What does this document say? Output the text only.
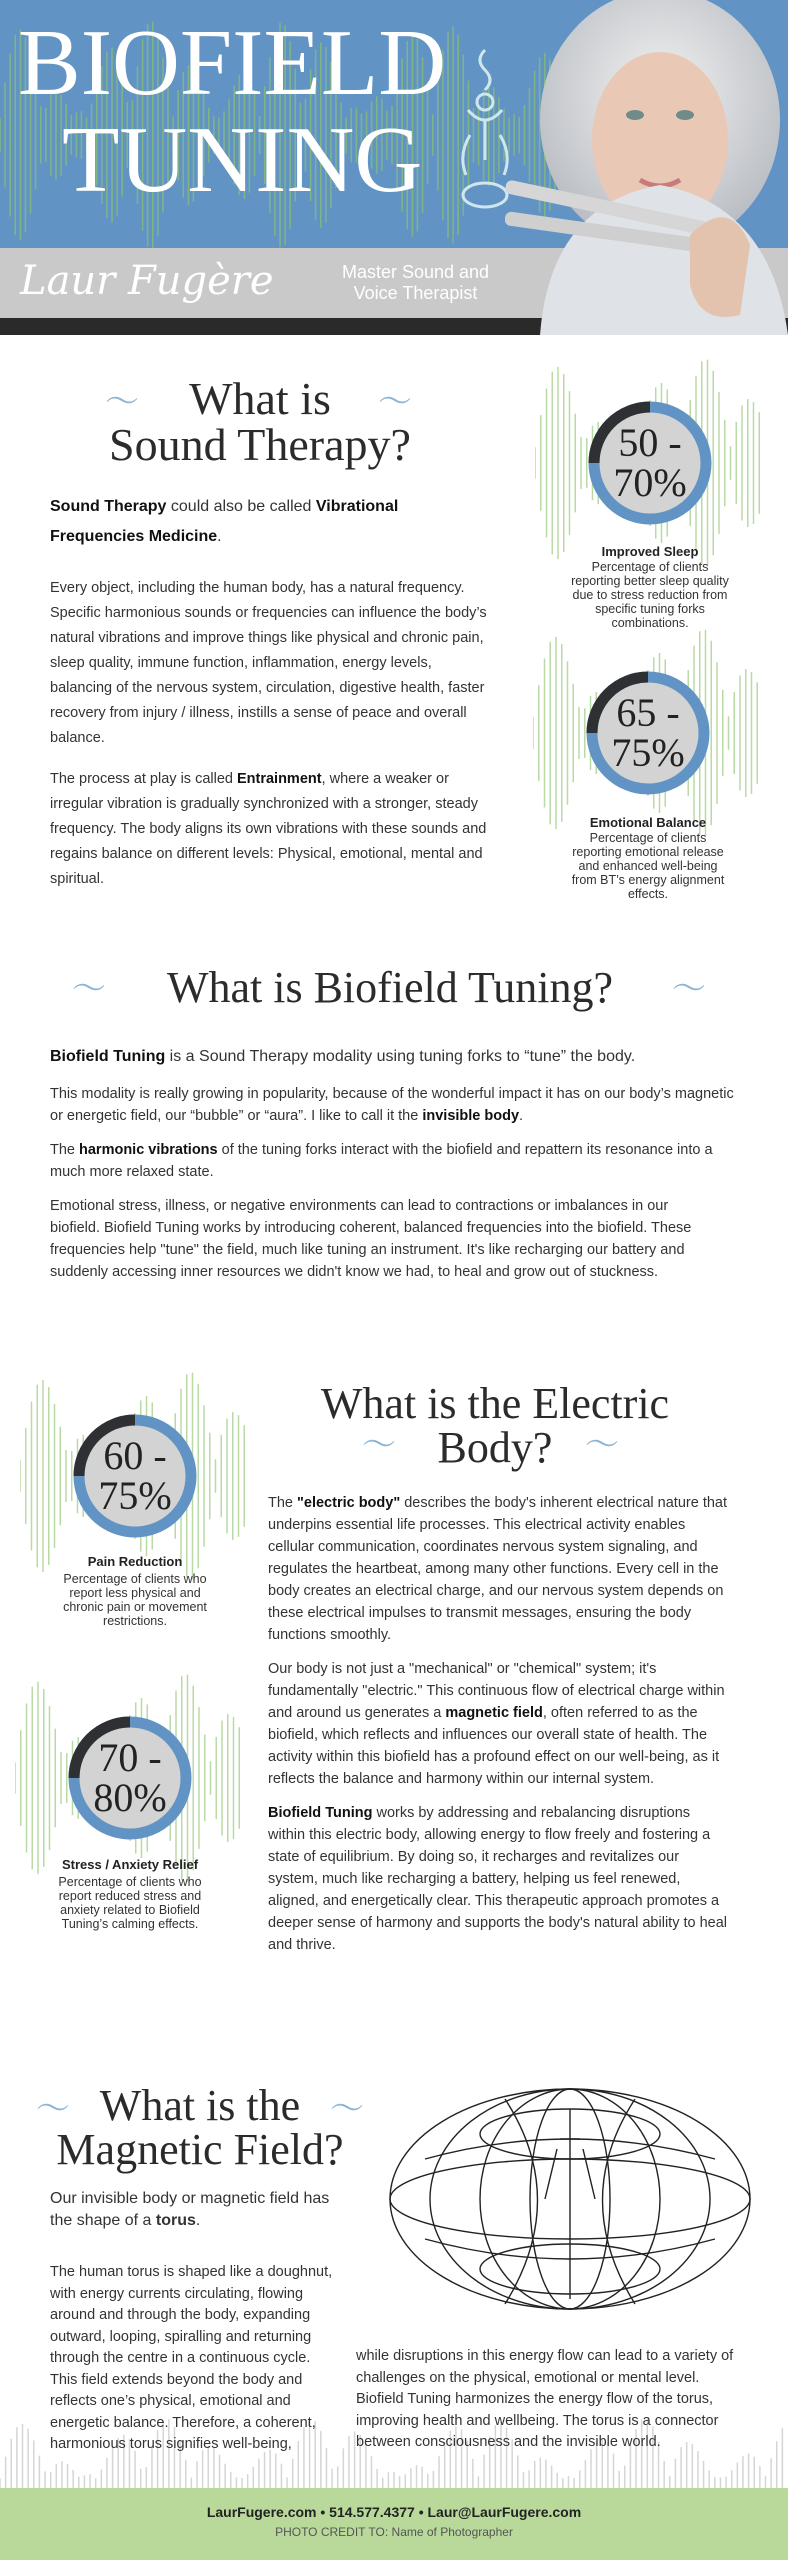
BIOFIELD
TUNING
Laur Fugère	Master Sound and
Voice Therapist
〜	〜
What is
Sound Therapy?

Sound Therapy could also be called Vibrational Frequencies Medicine.

Every object, including the human body, has a natural frequency. Specific harmonious sounds or frequencies can influence the body’s natural vibrations and improve things like physical and chronic pain, sleep quality, immune function, inflammation, energy levels, balancing of the nervous system, circulation, digestive health, faster recovery from injury / illness, instills a sense of peace and overall balance.

The process at play is called Entrainment, where a weaker or irregular vibration is gradually synchronized with a stronger, steady frequency. The body aligns its own vibrations with these sounds and regains balance on different levels: Physical, emotional, mental and spiritual.

50 -
70%
Improved Sleep
Percentage of clients reporting better sleep quality due to stress reduction from specific tuning forks combinations.
65 -
75%
Emotional Balance
Percentage of clients reporting emotional release and enhanced well-being from BT’s energy alignment effects.
60 -
75%
Pain Reduction
Percentage of clients who report less physical and chronic pain or movement restrictions.
70 -
80%
Stress / Anxiety Relief
Percentage of clients who report reduced stress and anxiety related to Biofield Tuning’s calming effects.
〜	〜
What is Biofield Tuning?

Biofield Tuning is a Sound Therapy modality using tuning forks to “tune” the body.

This modality is really growing in popularity, because of the wonderful impact it has on our body’s magnetic or energetic field, our “bubble” or “aura”. I like to call it the invisible body.

The harmonic vibrations of the tuning forks interact with the biofield and repattern its resonance into a much more relaxed state.

Emotional stress, illness, or negative environments can lead to contractions or imbalances in our biofield. Biofield Tuning works by introducing coherent, balanced frequencies into the biofield. These frequencies help "tune" the field, much like tuning an instrument. It's like recharging our battery and suddenly accessing inner resources we didn't know we had, to heal and grow out of stuckness.

What is the Electric
Body?
〜	〜

The "electric body" describes the body's inherent electrical nature that underpins essential life processes. This electrical activity enables cellular communication, coordinates nervous system signaling, and regulates the heartbeat, among many other functions. Every cell in the body creates an electrical charge, and our nervous system depends on these electrical impulses to transmit messages, ensuring the body functions smoothly.

Our body is not just a "mechanical" or "chemical" system; it's fundamentally "electric." This continuous flow of electrical charge within and around us generates a magnetic field, often referred to as the biofield, which reflects and influences our overall state of health. The activity within this biofield has a profound effect on our well-being, as it reflects the balance and harmony within our internal system.

Biofield Tuning works by addressing and rebalancing disruptions within this electric body, allowing energy to flow freely and fostering a state of equilibrium. By doing so, it recharges and revitalizes our system, much like recharging a battery, helping us feel renewed, aligned, and energetically clear. This therapeutic approach promotes a deeper sense of harmony and supports the body's natural ability to heal and thrive.

〜	〜
What is the
Magnetic Field?

Our invisible body or magnetic field has the shape of a torus.

The human torus is shaped like a doughnut, with energy currents circulating, flowing around and through the body, expanding outward, looping, spiralling and returning through the centre in a continuous cycle. This field extends beyond the body and reflects one’s physical, emotional and energetic balance. Therefore, a coherent, harmonious torus signifies well-being,

while disruptions in this energy flow can lead to a variety of challenges on the physical, emotional or mental level. Biofield Tuning harmonizes the energy flow of the torus, improving health and wellbeing. The torus is a connector between consciousness and the invisible world.

LaurFugere.com • 514.577.4377 • Laur@LaurFugere.com
PHOTO CREDIT TO: Name of Photographer
